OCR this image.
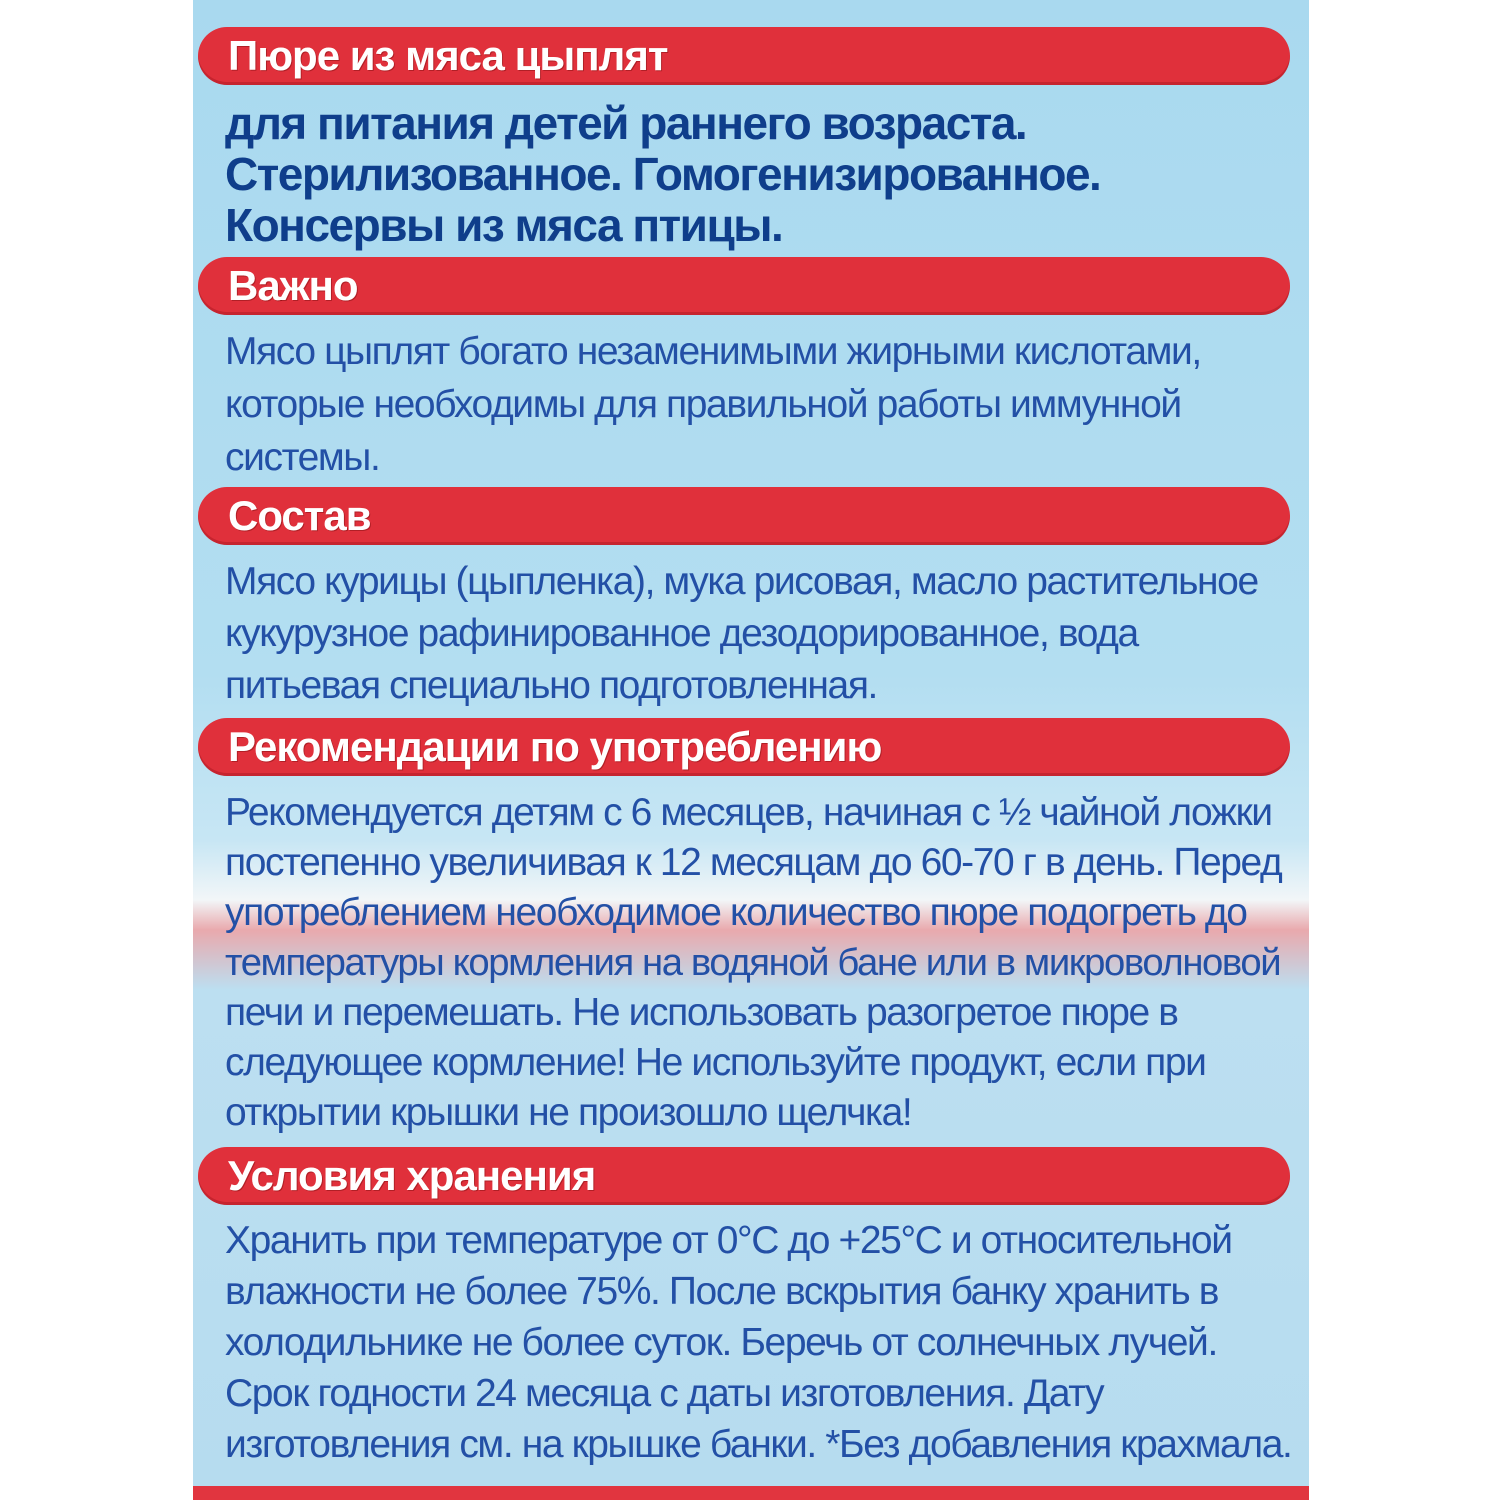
Пюре из мяса цыплят
для питания детей раннего возраста.
Стерилизованное. Гомогенизированное.
Консервы из мяса птицы.
Важно
Мясо цыплят богато незаменимыми жирными кислотами,
которые необходимы для правильной работы иммунной
системы.
Состав
Мясо курицы (цыпленка), мука рисовая, масло растительное
кукурузное рафинированное дезодорированное, вода
питьевая специально подготовленная.
Рекомендации по употреблению
Рекомендуется детям с 6 месяцев, начиная с ½ чайной ложки
постепенно увеличивая к 12 месяцам до 60-70 г в день. Перед
употреблением необходимое количество пюре подогреть до
температуры кормления на водяной бане или в микроволновой
печи и перемешать. Не использовать разогретое пюре в
следующее кормление! Не используйте продукт, если при
открытии крышки не произошло щелчка!
Условия хранения
Хранить при температуре от 0°С до +25°С и относительной
влажности не более 75%. После вскрытия банку хранить в
холодильнике не более суток. Беречь от солнечных лучей.
Срок годности 24 месяца с даты изготовления. Дату
изготовления см. на крышке банки. *Без добавления крахмала.
